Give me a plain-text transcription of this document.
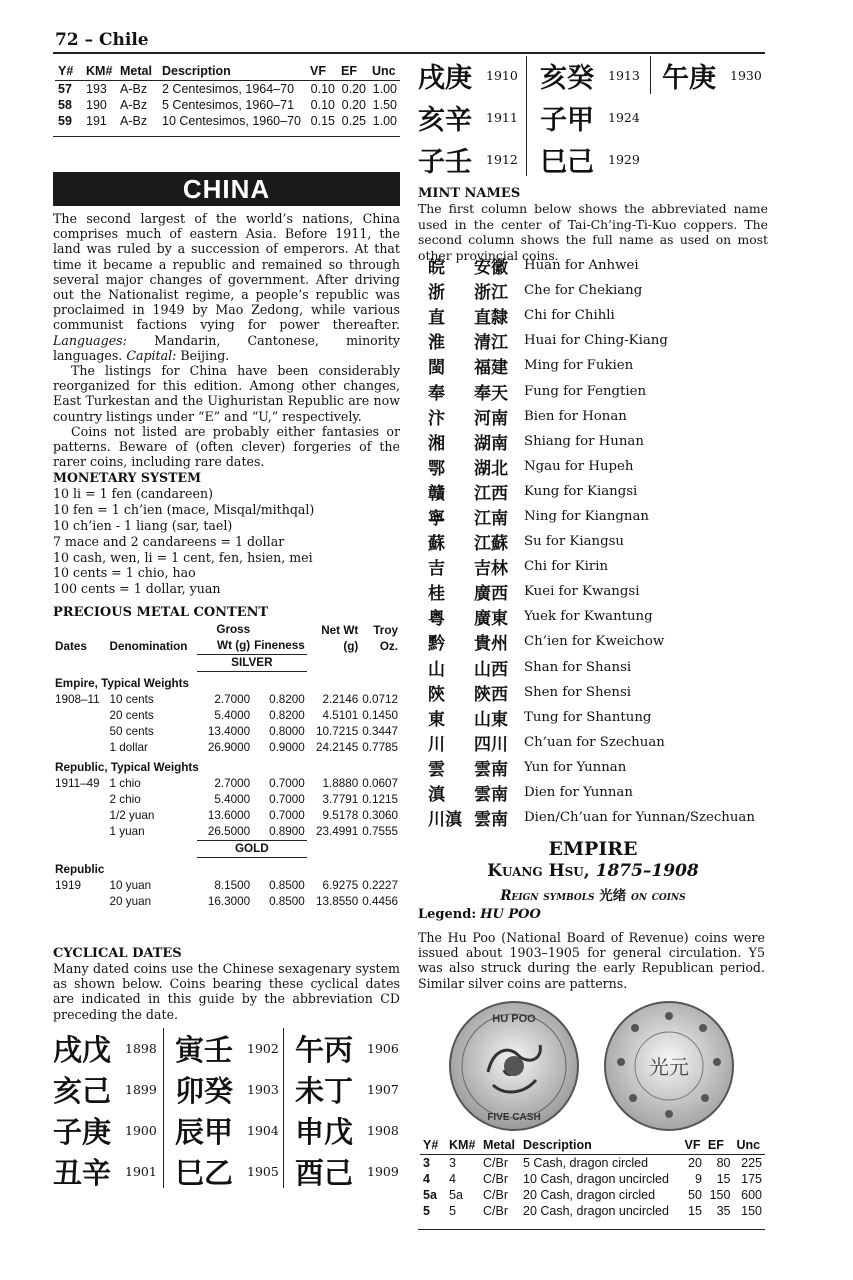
72 – Chile
Y#	KM#	Metal	Description	VF	EF	Unc
57	193	A-Bz	2 Centesimos, 1964–70	0.10	0.20	1.00
58	190	A-Bz	5 Centesimos, 1960–71	0.10	0.20	1.50
59	191	A-Bz	10 Centesimos, 1960–70	0.15	0.25	1.00
戌庚	1910
亥辛	1911
子壬	1912
亥癸	1913
子甲	1924
巳己	1929
午庚	1930
CHINA
The second largest of the world’s nations, China comprises much of eastern Asia. Before 1911, the land was ruled by a succession of emperors. At that time it became a republic and remained so through several major changes of government. After driving out the Nationalist regime, a people’s republic was proclaimed in 1949 by Mao Zedong, while various communist factions vying for power thereafter. Languages: Mandarin, Cantonese, minority languages. Capital: Beijing.
The listings for China have been considerably reorganized for this edition. Among other changes, East Turkestan and the Uighuristan Republic are now country listings under “E” and “U,” respectively.
Coins not listed are probably either fantasies or patterns. Beware of (often clever) forgeries of the rarer coins, including rare dates.
MONETARY SYSTEM
10 li = 1 fen (candareen)
10 fen = 1 ch’ien (mace, Misqal/mithqal)
10 ch’ien - 1 liang (sar, tael)
7 mace and 2 candareens = 1 dollar
10 cash, wen, li = 1 cent, fen, hsien, mei
10 cents = 1 chio, hao
100 cents = 1 dollar, yuan
PRECIOUS METAL CONTENT
Dates	Denomination	Gross Wt (g)	Fineness	Net Wt (g)	Troy Oz.
		SILVER			
Empire, Typical Weights					
1908–11	10 cents	2.7000	0.8200	2.2146	0.0712
	20 cents	5.4000	0.8200	4.5101	0.1450
	50 cents	13.4000	0.8000	10.7215	0.3447
	1 dollar	26.9000	0.9000	24.2145	0.7785
Republic, Typical Weights					
1911–49	1 chio	2.7000	0.7000	1.8880	0.0607
	2 chio	5.4000	0.7000	3.7791	0.1215
	1/2 yuan	13.6000	0.7000	9.5178	0.3060
	1 yuan	26.5000	0.8900	23.4991	0.7555
		GOLD			
Republic					
1919	10 yuan	8.1500	0.8500	6.9275	0.2227
	20 yuan	16.3000	0.8500	13.8550	0.4456
CYCLICAL DATES
Many dated coins use the Chinese sexagenary system as shown below. Coins bearing these cyclical dates are indicated in this guide by the abbreviation CD preceding the date.
戌戊	1898
亥己	1899
子庚	1900
丑辛	1901
寅壬	1902
卯癸	1903
辰甲	1904
巳乙	1905
午丙	1906
未丁	1907
申戊	1908
酉己	1909
MINT NAMES
The first column below shows the abbreviated name used in the center of Tai-Ch’ing-Ti-Kuo coppers. The second column shows the full name as used on most other provincial coins.
皖	安徽	Huan for Anhwei
浙	浙江	Che for Chekiang
直	直隸	Chi for Chihli
淮	清江	Huai for Ching-Kiang
閩	福建	Ming for Fukien
奉	奉天	Fung for Fengtien
汴	河南	Bien for Honan
湘	湖南	Shiang for Hunan
鄂	湖北	Ngau for Hupeh
贛	江西	Kung for Kiangsi
寧	江南	Ning for Kiangnan
蘇	江蘇	Su for Kiangsu
吉	吉林	Chi for Kirin
桂	廣西	Kuei for Kwangsi
粤	廣東	Yuek for Kwantung
黔	貴州	Ch’ien for Kweichow
山	山西	Shan for Shansi
陝	陝西	Shen for Shensi
東	山東	Tung for Shantung
川	四川	Ch’uan for Szechuan
雲	雲南	Yun for Yunnan
滇	雲南	Dien for Yunnan
川滇 雲南	Dien/Ch’uan for Yunnan/Szechuan
EMPIRE
Kuang Hsu, 1875–1908
Reign symbols 光绪 on coins
Legend: HU POO
The Hu Poo (National Board of Revenue) coins were issued about 1903–1905 for general circulation. Y5 was also struck during the early Republican period. Similar silver coins are patterns.
HU POO
FIVE CASH
光元
Y#	KM#	Metal	Description	VF	EF	Unc
3	3	C/Br	5 Cash, dragon circled	20	80	225
4	4	C/Br	10 Cash, dragon uncircled	9	15	175
5a	5a	C/Br	20 Cash, dragon circled	50	150	600
5	5	C/Br	20 Cash, dragon uncircled	15	35	150
